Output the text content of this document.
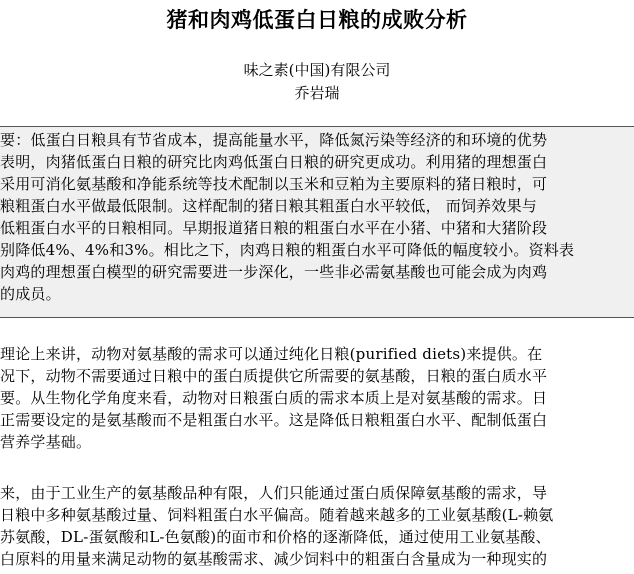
猪和肉鸡低蛋白日粮的成败分析
味之素(中国)有限公司
乔岩瑞
要：低蛋白日粮具有节省成本，提高能量水平，降低氮污染等经济的和环境的优势
表明，肉猪低蛋白日粮的研究比肉鸡低蛋白日粮的研究更成功。利用猪的理想蛋白
采用可消化氨基酸和净能系统等技术配制以玉米和豆粕为主要原料的猪日粮时，可
粮粗蛋白水平做最低限制。这样配制的猪日粮其粗蛋白水平较低， 而饲养效果与
低粗蛋白水平的日粮相同。早期报道猪日粮的粗蛋白水平在小猪、中猪和大猪阶段
别降低4%、4%和3%。相比之下，肉鸡日粮的粗蛋白水平可降低的幅度较小。资料表
肉鸡的理想蛋白模型的研究需要进一步深化，一些非必需氨基酸也可能会成为肉鸡
的成员。
理论上来讲，动物对氨基酸的需求可以通过纯化日粮(purified diets)来提供。在
况下，动物不需要通过日粮中的蛋白质提供它所需要的氨基酸，日粮的蛋白质水平
要。从生物化学角度来看，动物对日粮蛋白质的需求本质上是对氨基酸的需求。日
正需要设定的是氨基酸而不是粗蛋白水平。这是降低日粮粗蛋白水平、配制低蛋白
营养学基础。
来，由于工业生产的氨基酸品种有限，人们只能通过蛋白质保障氨基酸的需求，导
日粮中多种氨基酸过量、饲料粗蛋白水平偏高。随着越来越多的工业氨基酸(L-赖氨
苏氨酸，DL-蛋氨酸和L-色氨酸)的面市和价格的逐渐降低，通过使用工业氨基酸、
白原料的用量来满足动物的氨基酸需求、减少饲料中的粗蛋白含量成为一种现实的
